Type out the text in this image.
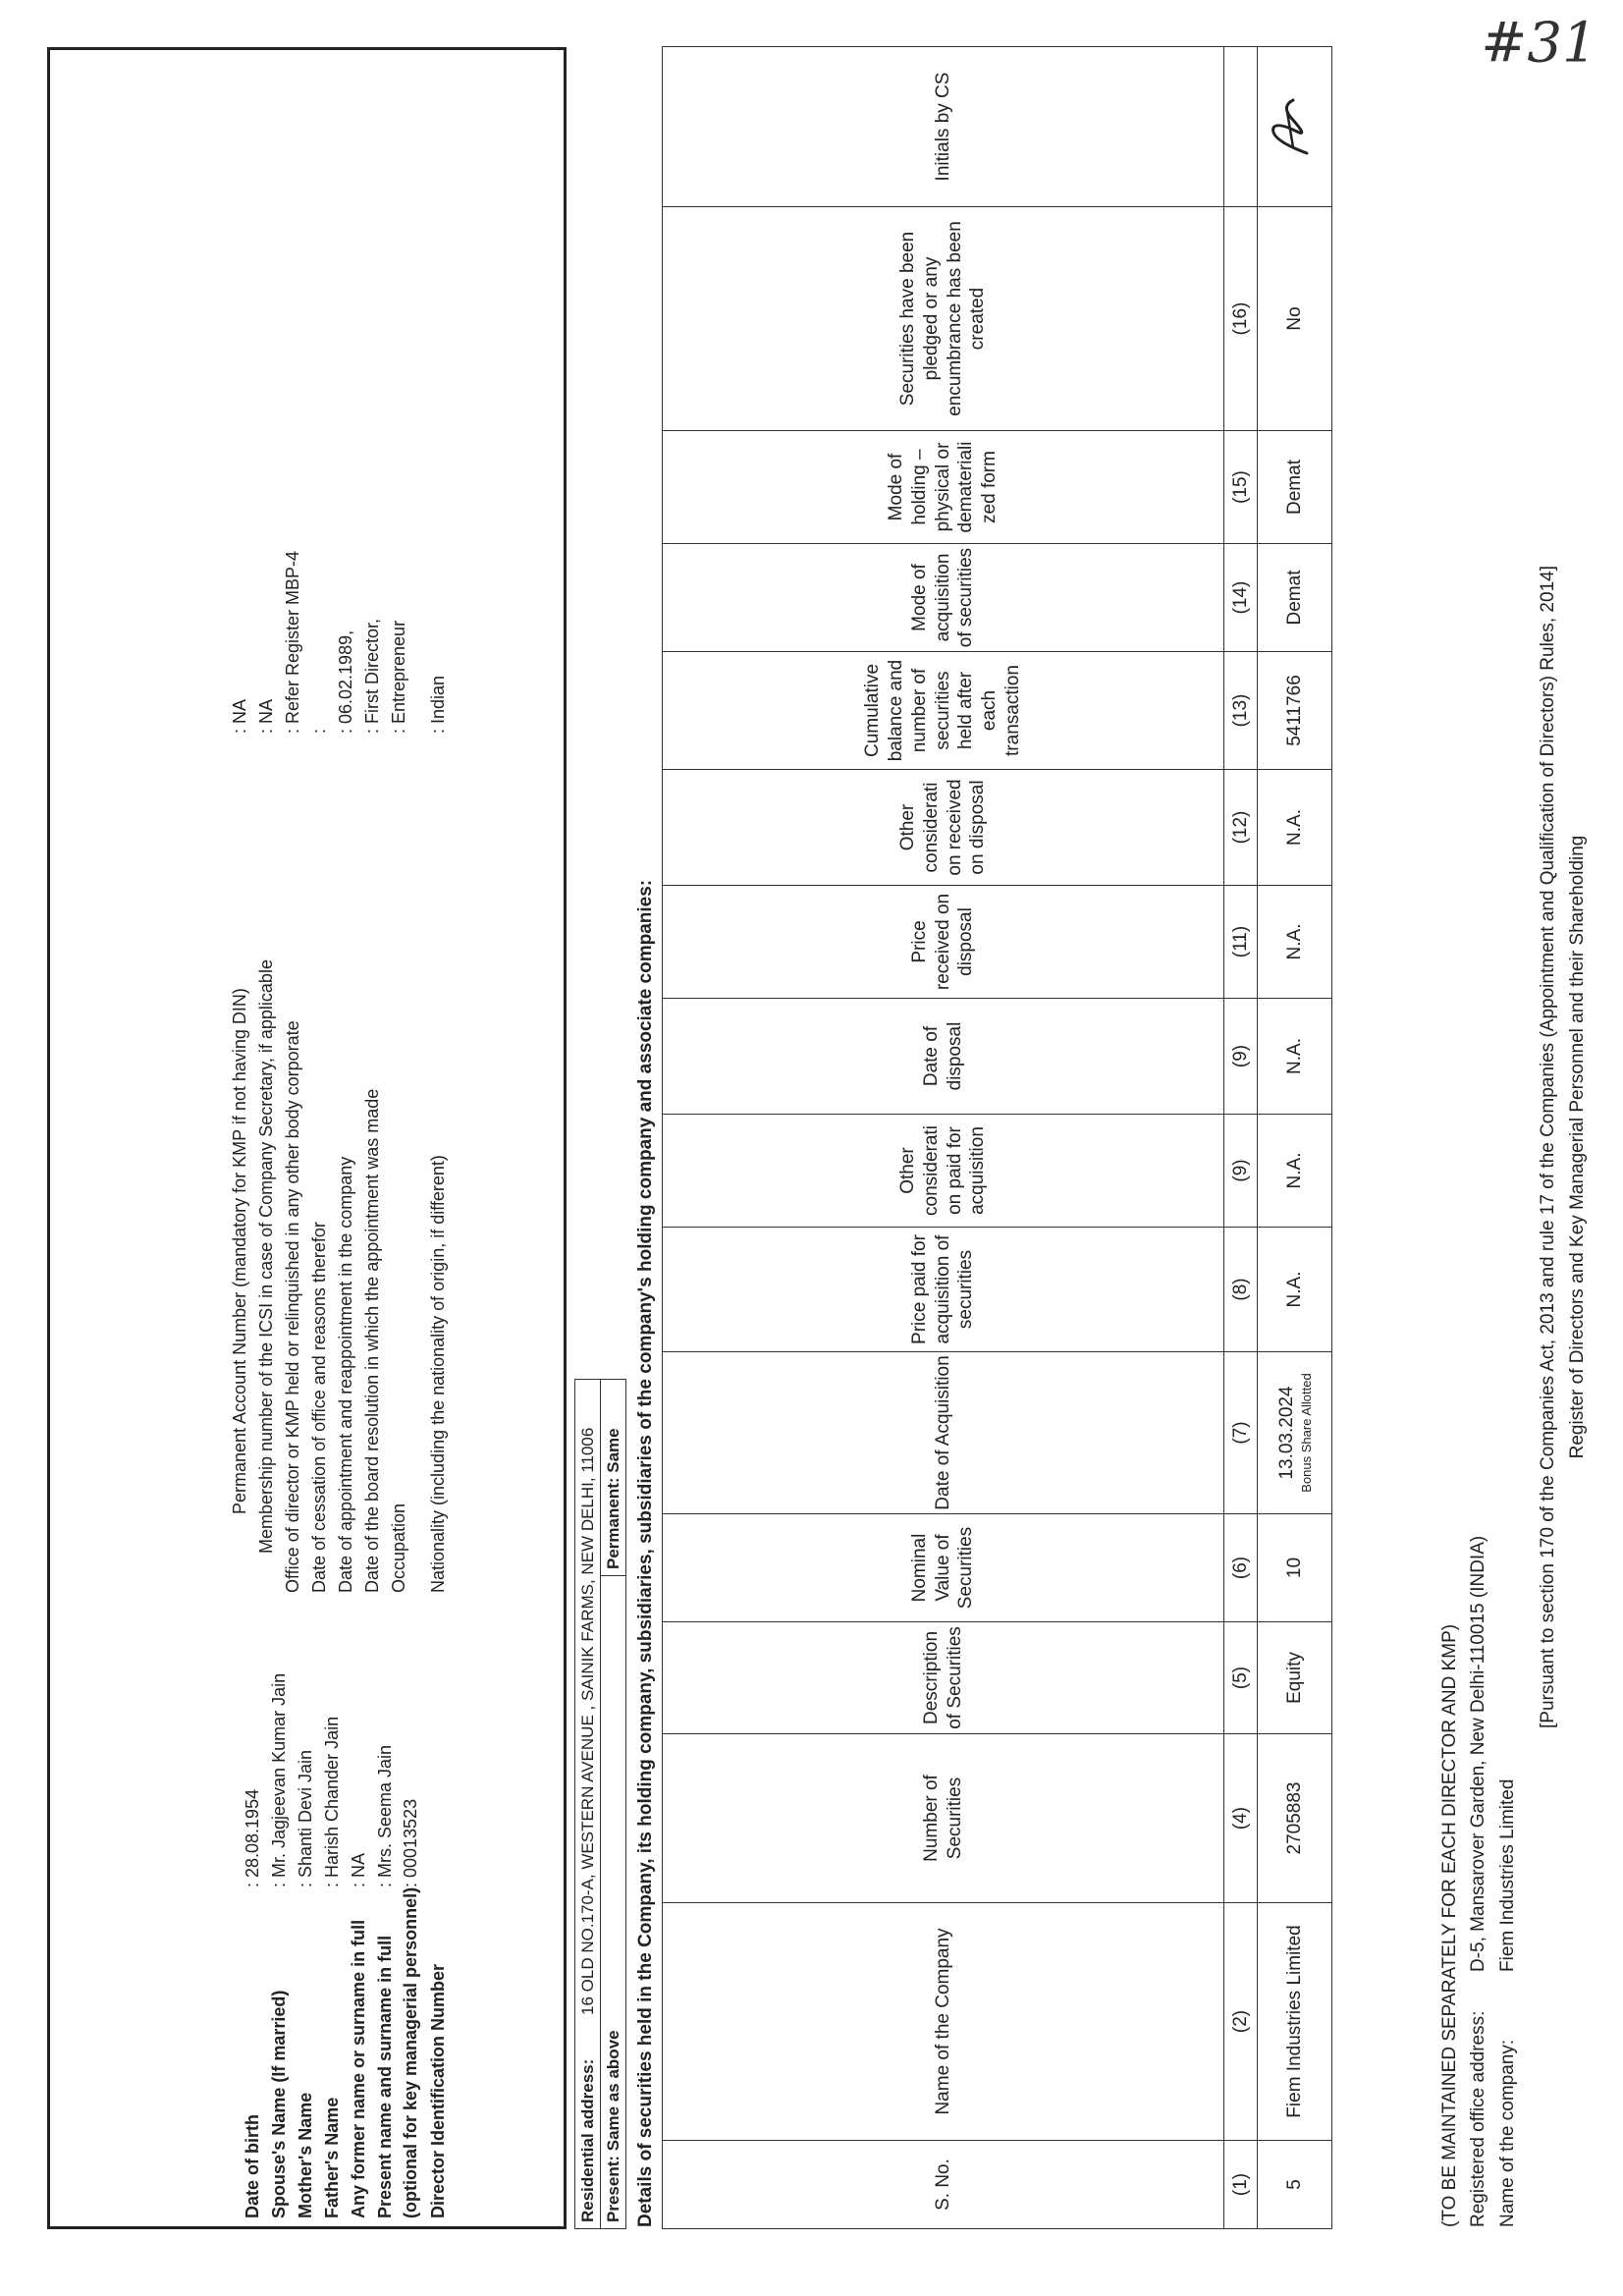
#31
Name of the company:
Fiem Industries Limited
Registered office address:
D-5, Mansarover Garden, New Delhi-110015 (INDIA)
(TO BE MAINTAINED SEPARATELY FOR EACH DIRECTOR AND KMP)
Register of Directors and Key Managerial Personnel and their Shareholding
[Pursuant to section 170 of the Companies Act, 2013 and rule 17 of the Companies (Appointment and Qualification of Directors) Rules, 2014]
Director Identification Number
(optional for key managerial personnel)
: 00013523
Present name and surname in full
: Mrs. Seema Jain
Any former name or surname in full
: NA
Father's Name
: Harish Chander Jain
Mother's Name
: Shanti Devi Jain
Spouse's Name (If married)
: Mr. Jagjeevan Kumar Jain
Date of birth
: 28.08.1954
Nationality (including the nationality of origin, if different)
: Indian
Occupation
: Entrepreneur
Date of the board resolution in which the appointment was made
: First Director,
Date of appointment and reappointment in the company
: 06.02.1989,
Date of cessation of office and reasons therefor
:
Office of director or KMP held or relinquished in any other body corporate
: Refer Register MBP-4
Membership number of the ICSI in case of Company Secretary, if applicable
: NA
Permanent Account Number (mandatory for KMP if not having DIN)
: NA
Residential address: 16 OLD NO.170-A, WESTERN AVENUE , SAINIK FARMS, NEW DELHI, 11006
Present: Same as above	Permanent: Same Details of securities held in the Company, its holding company, subsidiaries, subsidiaries of the company's holding company and associate companies:	S. No.	Name of the Company	Number of Securities	Description of Securities	Nominal Value of Securities	Date of Acquisition	Price paid for acquisition of securities	Other considerati on paid for acquisition	Date of disposal	Price received on disposal	Other considerati on received on disposal	Cumulative balance and number of securities held after each transaction	Mode of acquisition of securities	Mode of holding – physical or demateriali zed form	Securities have been pledged or any encumbrance has been created	Initials by CS
(1)	(2)	(4)	(5)	(6)	(7)	(8)	(9)	(9)	(11)	(12)	(13)	(14)	(15)	(16)	
5	Fiem Industries Limited	2705883	Equity	10	13.03.2024 Bonus Share Allotted	N.A.	N.A.	N.A.	N.A.	N.A.	5411766	Demat	Demat	No	
